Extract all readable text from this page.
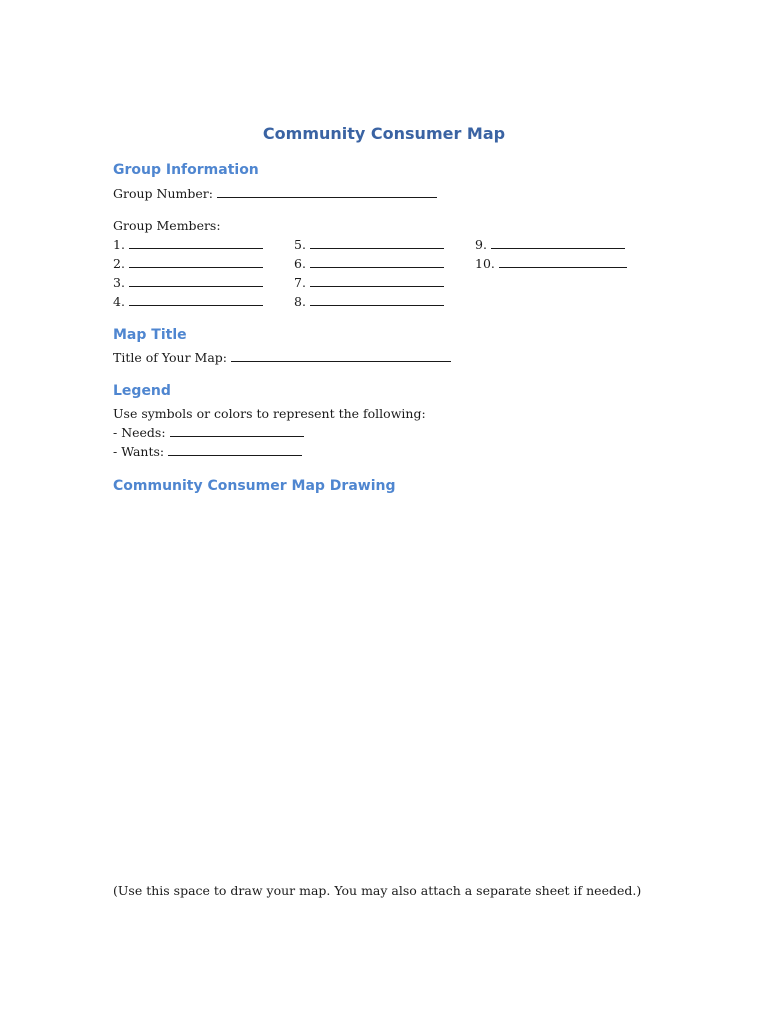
Community Consumer Map
Group Information

Group Number:

Group Members:

1.
2.
3.
4.
5.
6.
7.
8.
9.
10.
Map Title

Title of Your Map:

Legend

Use symbols or colors to represent the following:

- Needs:

- Wants:

Community Consumer Map Drawing

(Use this space to draw your map. You may also attach a separate sheet if needed.)
